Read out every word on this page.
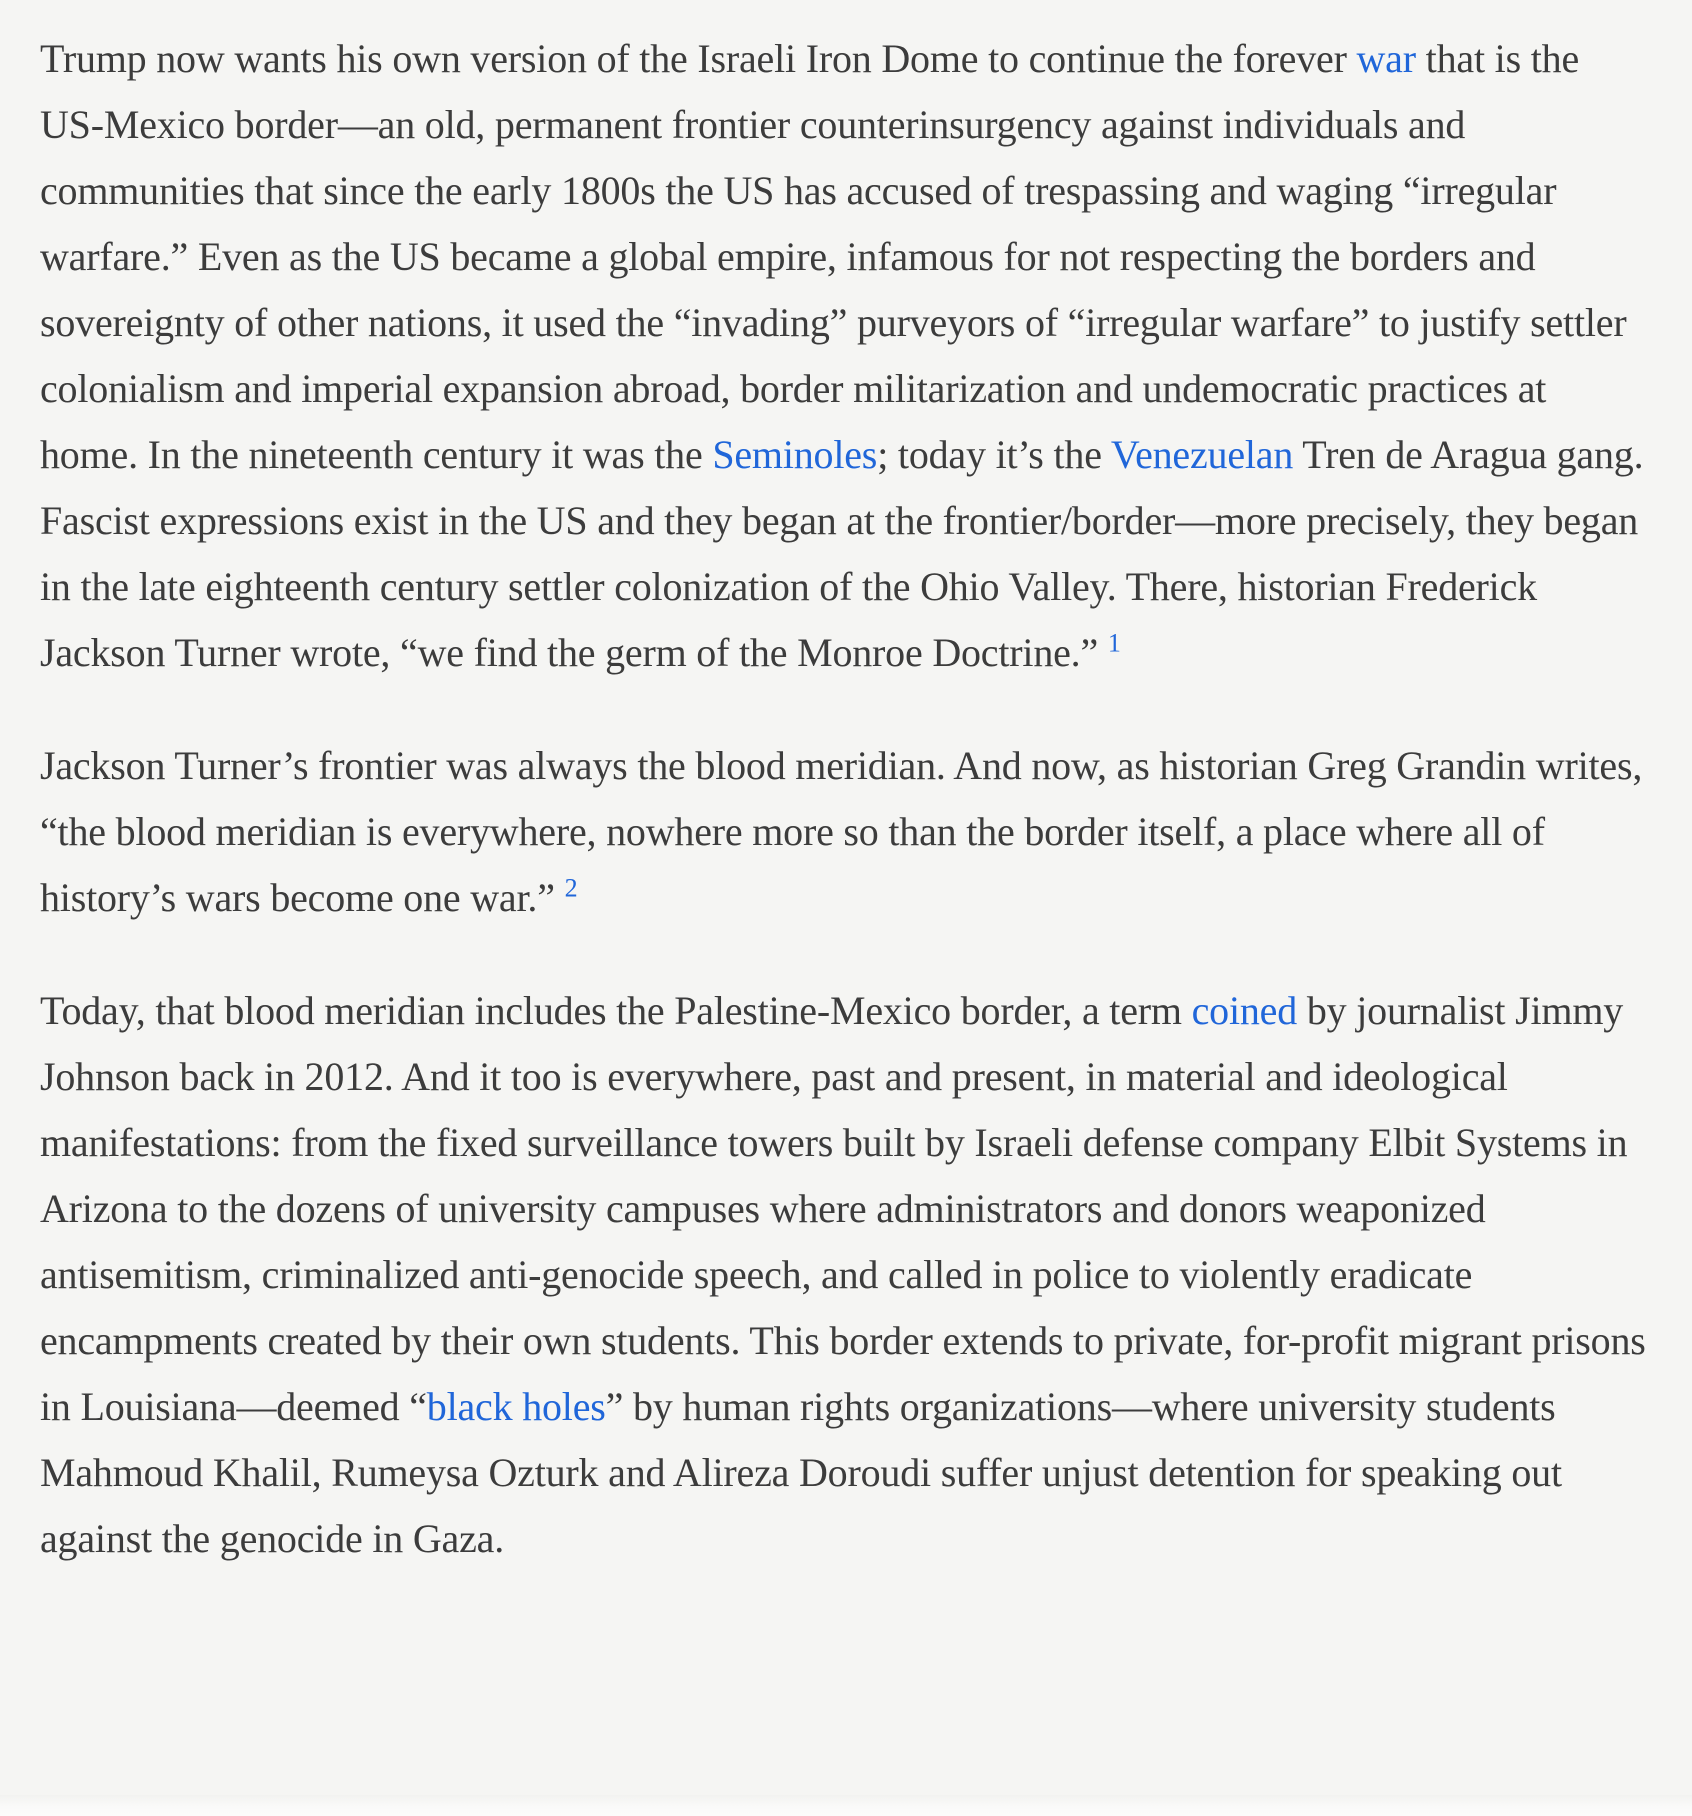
Trump now wants his own version of the Israeli Iron Dome to continue the forever war that is the US-Mexico border—an old, permanent frontier counterinsurgency against individuals and communities that since the early 1800s the US has accused of trespassing and waging “irregular warfare.” Even as the US became a global empire, infamous for not respecting the borders and sovereignty of other nations, it used the “invading” purveyors of “irregular warfare” to justify settler colonialism and imperial expansion abroad, border militarization and undemocratic practices at home. In the nineteenth century it was the Seminoles; today it’s the Venezuelan Tren de Aragua gang. Fascist expressions exist in the US and they began at the frontier/border—more precisely, they began in the late eighteenth century settler colonization of the Ohio Valley. There, historian Frederick Jackson Turner wrote, “we find the germ of the Monroe Doctrine.” $^1$

Jackson Turner’s frontier was always the blood meridian. And now, as historian Greg Grandin writes, “the blood meridian is everywhere, nowhere more so than the border itself, a place where all of history’s wars become one war.” $^2$

Today, that blood meridian includes the Palestine-Mexico border, a term coined by journalist Jimmy Johnson back in 2012. And it too is everywhere, past and present, in material and ideological manifestations: from the fixed surveillance towers built by Israeli defense company Elbit Systems in Arizona to the dozens of university campuses where administrators and donors weaponized antisemitism, criminalized anti-genocide speech, and called in police to violently eradicate encampments created by their own students. This border extends to private, for-profit migrant prisons in Louisiana—deemed “black holes” by human rights organizations—where university students Mahmoud Khalil, Rumeysa Ozturk and Alireza Doroudi suffer unjust detention for speaking out against the genocide in Gaza.
